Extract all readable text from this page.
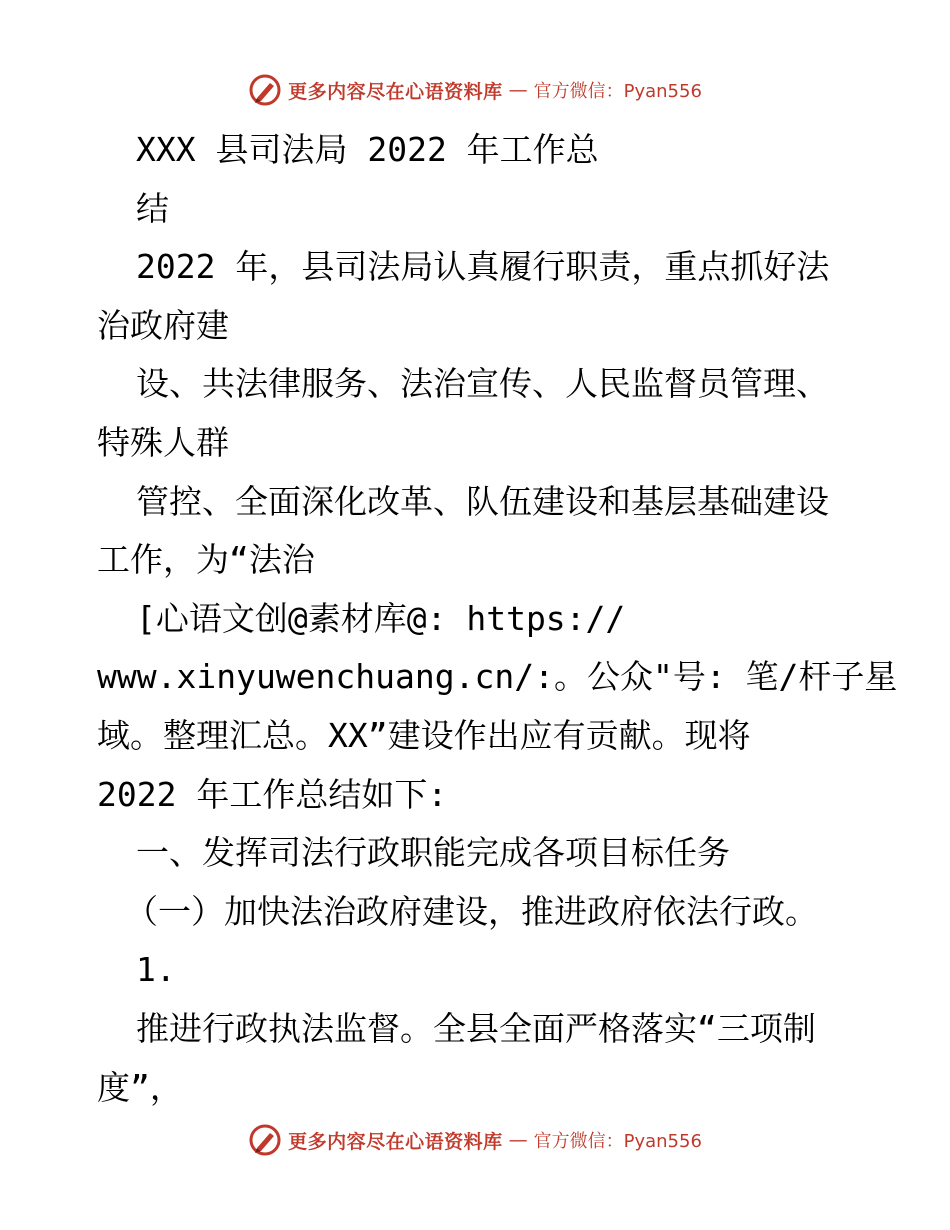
更多内容尽在心语资料库 — 官方微信：Pyan556
XXX 县司法局 2022 年工作总
结
2022 年，县司法局认真履行职责，重点抓好法
治政府建
设、共法律服务、法治宣传、人民监督员管理、
特殊人群
管控、全面深化改革、队伍建设和基层基础建设
工作，为“法治
[心语文创@素材库@: https://
www.xinyuwenchuang.cn/:。公众"号: 笔/杆子星
域。整理汇总。XX”建设作出应有贡献。现将
2022 年工作总结如下:
一、发挥司法行政职能完成各项目标任务
（一）加快法治政府建设，推进政府依法行政。
1.
推进行政执法监督。全县全面严格落实“三项制
度”，
更多内容尽在心语资料库 — 官方微信：Pyan556
